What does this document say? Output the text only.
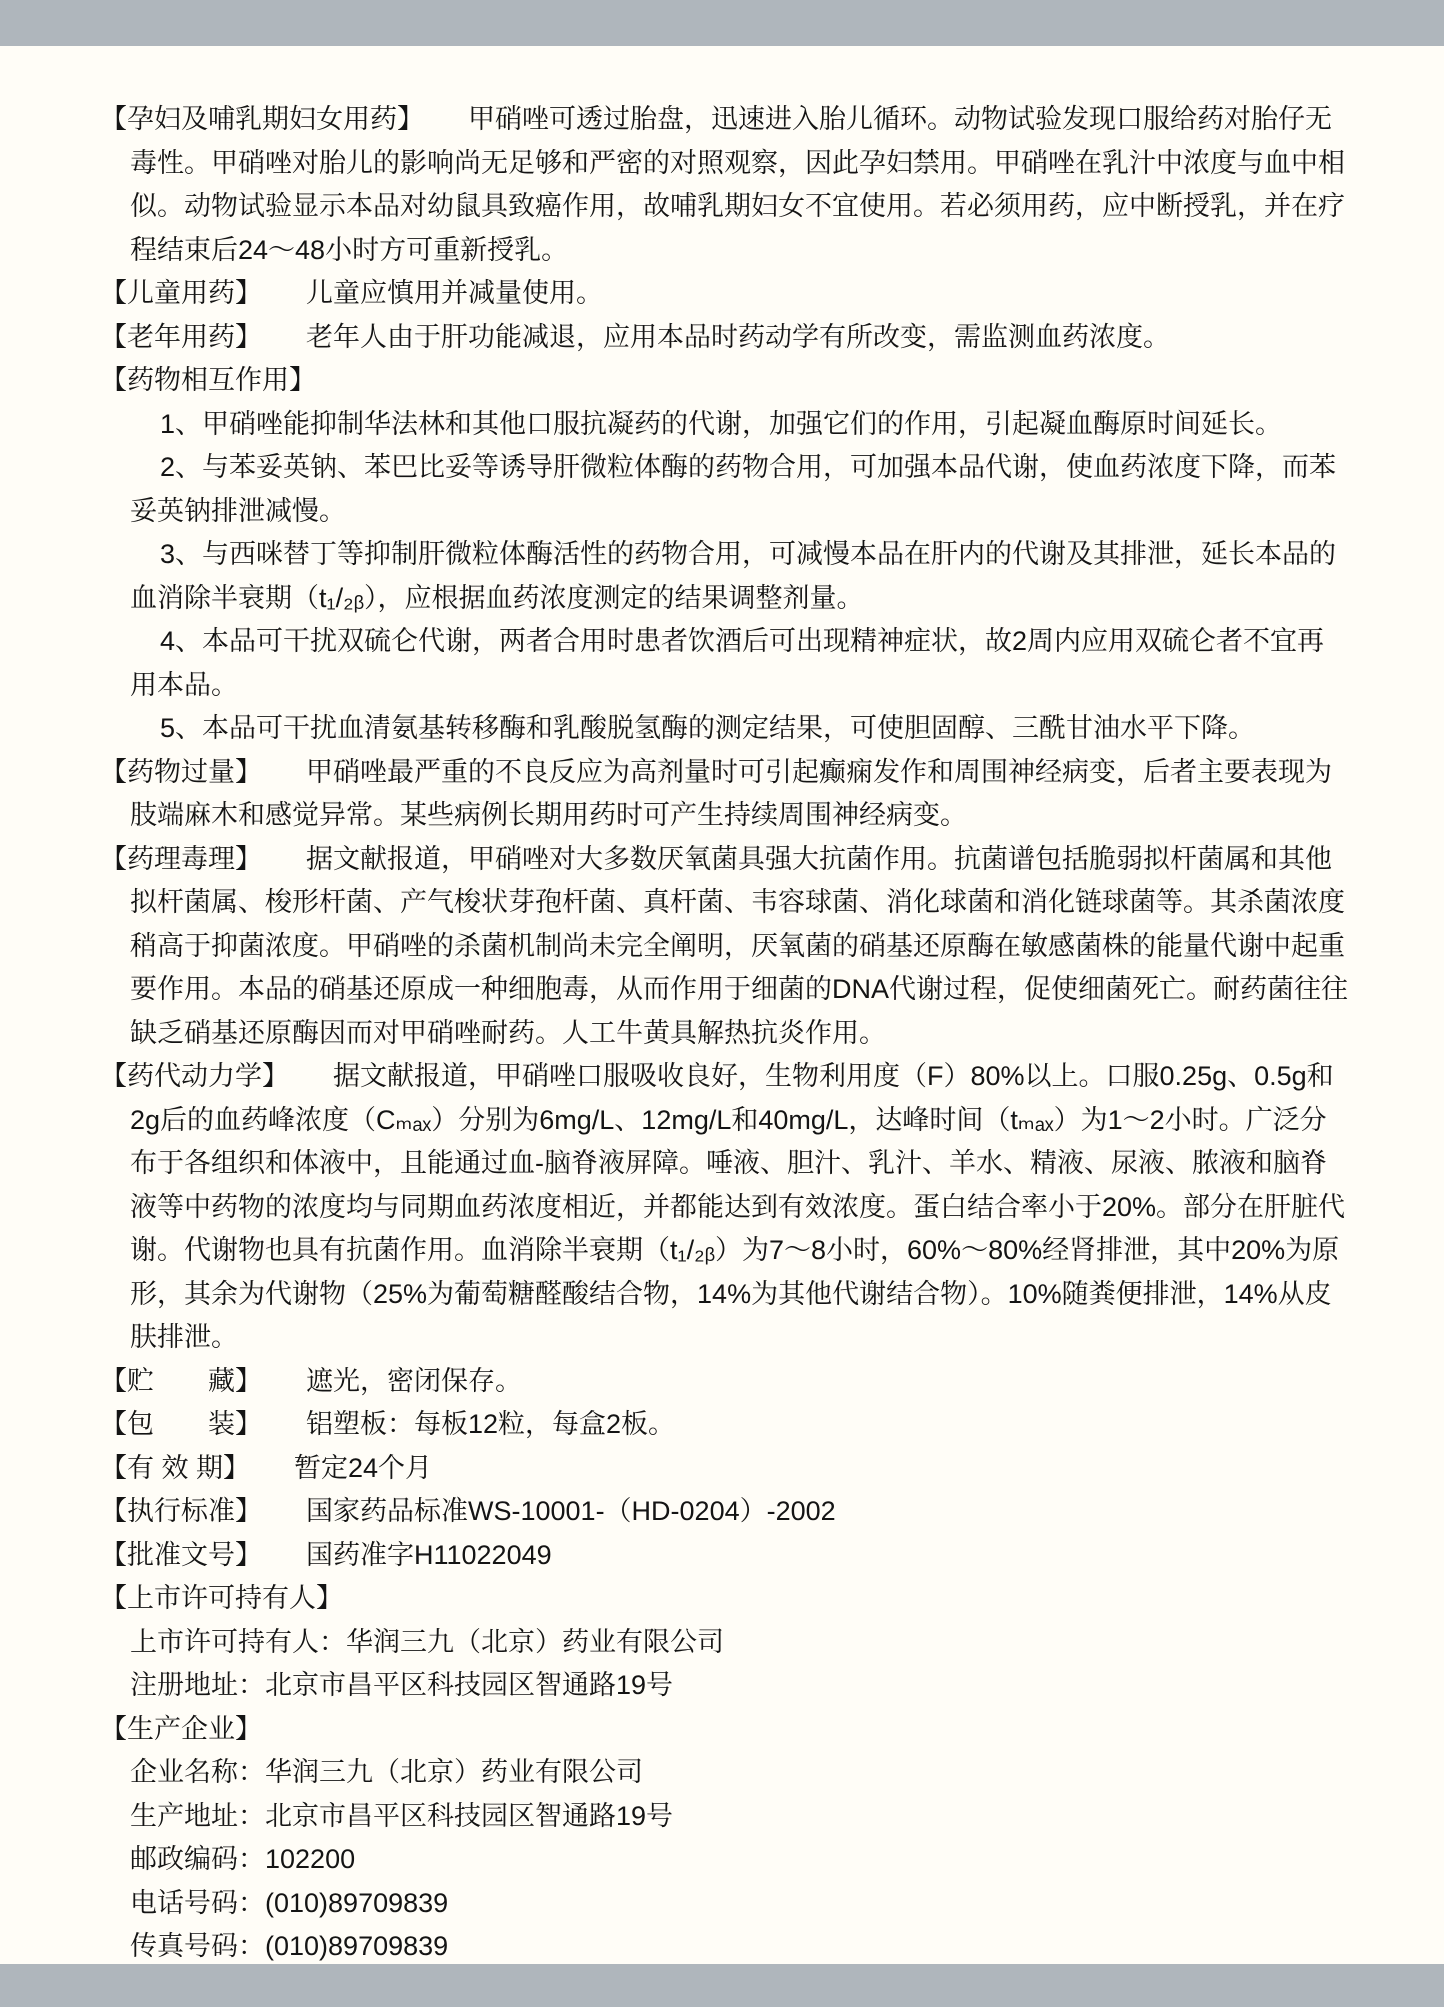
【孕妇及哺乳期妇女用药】 甲硝唑可透过胎盘，迅速进入胎儿循环。动物试验发现口服给药对胎仔无毒性。甲硝唑对胎儿的影响尚无足够和严密的对照观察，因此孕妇禁用。甲硝唑在乳汁中浓度与血中相似。动物试验显示本品对幼鼠具致癌作用，故哺乳期妇女不宜使用。若必须用药，应中断授乳，并在疗程结束后24～48小时方可重新授乳。
【儿童用药】 儿童应慎用并减量使用。
【老年用药】 老年人由于肝功能减退，应用本品时药动学有所改变，需监测血药浓度。
【药物相互作用】
1、甲硝唑能抑制华法林和其他口服抗凝药的代谢，加强它们的作用，引起凝血酶原时间延长。
2、与苯妥英钠、苯巴比妥等诱导肝微粒体酶的药物合用，可加强本品代谢，使血药浓度下降，而苯妥英钠排泄减慢。
3、与西咪替丁等抑制肝微粒体酶活性的药物合用，可减慢本品在肝内的代谢及其排泄，延长本品的血消除半衰期（t₁/₂ᵦ），应根据血药浓度测定的结果调整剂量。
4、本品可干扰双硫仑代谢，两者合用时患者饮酒后可出现精神症状，故2周内应用双硫仑者不宜再用本品。
5、本品可干扰血清氨基转移酶和乳酸脱氢酶的测定结果，可使胆固醇、三酰甘油水平下降。
【药物过量】 甲硝唑最严重的不良反应为高剂量时可引起癫痫发作和周围神经病变，后者主要表现为肢端麻木和感觉异常。某些病例长期用药时可产生持续周围神经病变。
【药理毒理】 据文献报道，甲硝唑对大多数厌氧菌具强大抗菌作用。抗菌谱包括脆弱拟杆菌属和其他拟杆菌属、梭形杆菌、产气梭状芽孢杆菌、真杆菌、韦容球菌、消化球菌和消化链球菌等。其杀菌浓度稍高于抑菌浓度。甲硝唑的杀菌机制尚未完全阐明，厌氧菌的硝基还原酶在敏感菌株的能量代谢中起重要作用。本品的硝基还原成一种细胞毒，从而作用于细菌的DNA代谢过程，促使细菌死亡。耐药菌往往缺乏硝基还原酶因而对甲硝唑耐药。人工牛黄具解热抗炎作用。
【药代动力学】 据文献报道，甲硝唑口服吸收良好，生物利用度（F）80%以上。口服0.25g、0.5g和2g后的血药峰浓度（Cₘₐₓ）分别为6mg/L、12mg/L和40mg/L，达峰时间（tₘₐₓ）为1～2小时。广泛分布于各组织和体液中，且能通过血-脑脊液屏障。唾液、胆汁、乳汁、羊水、精液、尿液、脓液和脑脊液等中药物的浓度均与同期血药浓度相近，并都能达到有效浓度。蛋白结合率小于20%。部分在肝脏代谢。代谢物也具有抗菌作用。血消除半衰期（t₁/₂ᵦ）为7～8小时，60%～80%经肾排泄，其中20%为原形，其余为代谢物（25%为葡萄糖醛酸结合物，14%为其他代谢结合物）。10%随粪便排泄，14%从皮肤排泄。
【贮　　藏】 遮光，密闭保存。
【包　　装】 铝塑板：每板12粒，每盒2板。
【有 效 期】 暂定24个月
【执行标准】 国家药品标准WS-10001-（HD-0204）-2002
【批准文号】 国药准字H11022049
【上市许可持有人】
上市许可持有人：华润三九（北京）药业有限公司
注册地址：北京市昌平区科技园区智通路19号
【生产企业】
企业名称：华润三九（北京）药业有限公司
生产地址：北京市昌平区科技园区智通路19号
邮政编码：102200
电话号码：(010)89709839
传真号码：(010)89709839
